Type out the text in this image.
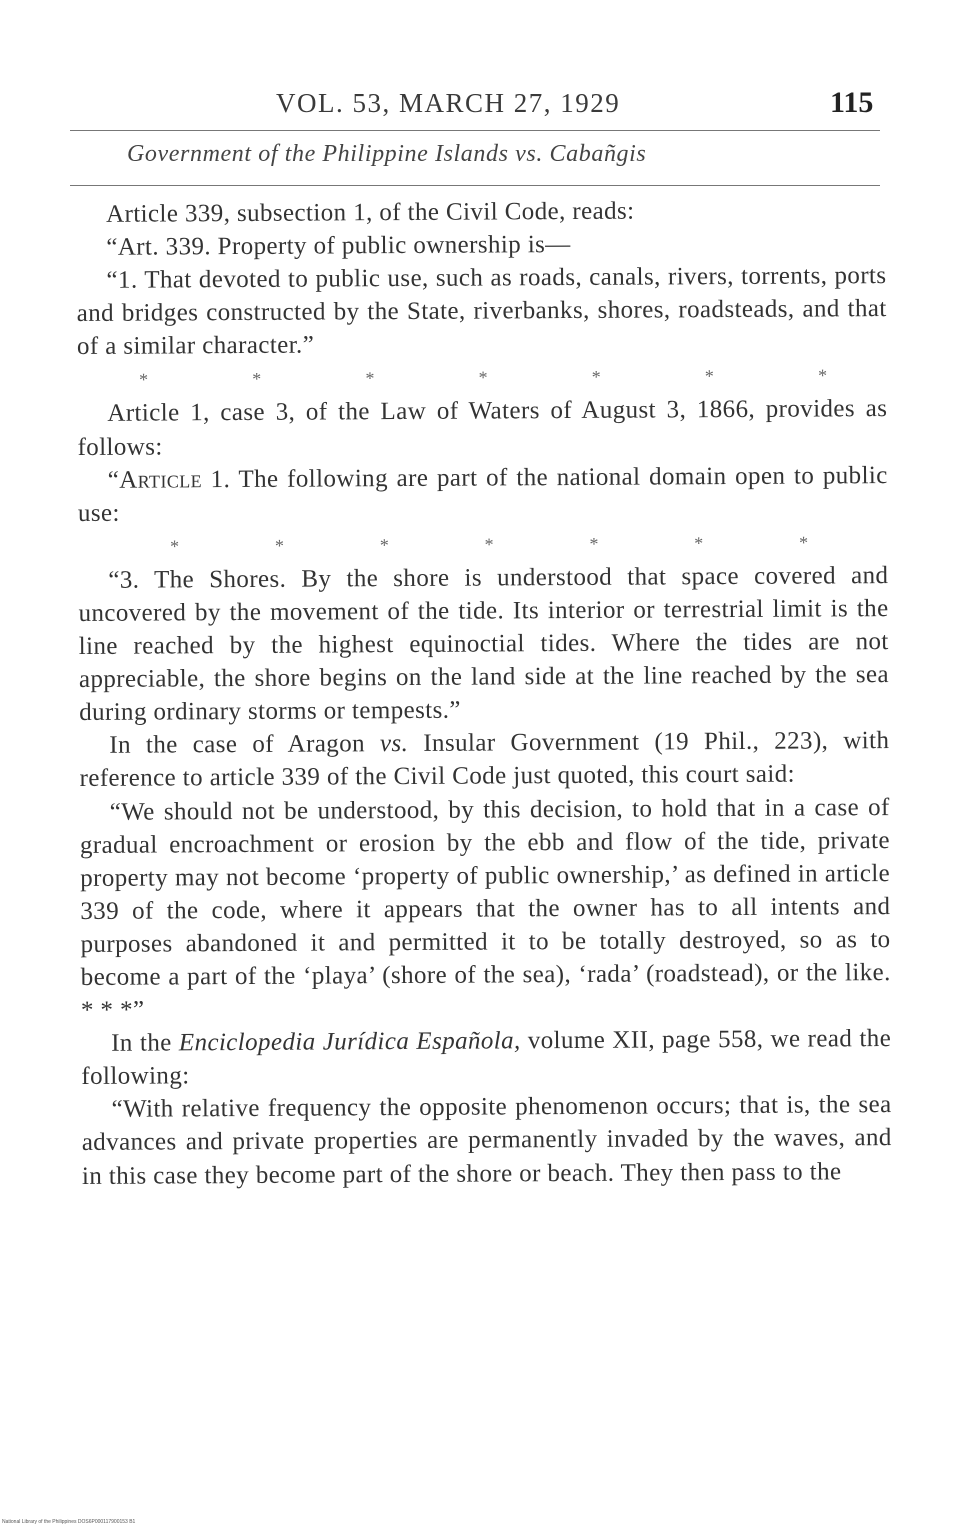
VOL. 53, MARCH 27, 1929	115
Government of the Philippine Islands vs. Cabañgis

Article 339, subsection 1, of the Civil Code, reads:

“Art. 339. Property of public ownership is—

“1. That devoted to public use, such as roads, canals, rivers, torrents, ports and bridges constructed by the State, riverbanks, shores, roadsteads, and that of a similar character.”

*	*	*	*	*	*	*

Article 1, case 3, of the Law of Waters of August 3, 1866, provides as follows:

“Article 1. The following are part of the national domain open to public use:

*	*	*	*	*	*	*

“3. The Shores. By the shore is understood that space covered and uncovered by the movement of the tide. Its interior or terrestrial limit is the line reached by the highest equinoctial tides. Where the tides are not appreciable, the shore begins on the land side at the line reached by the sea during ordinary storms or tempests.”

In the case of Aragon vs. Insular Government (19 Phil., 223), with reference to article 339 of the Civil Code just quoted, this court said:

“We should not be understood, by this decision, to hold that in a case of gradual encroachment or erosion by the ebb and flow of the tide, private property may not become ‘property of public ownership,’ as defined in article 339 of the code, where it appears that the owner has to all intents and purposes abandoned it and permitted it to be totally destroyed, so as to become a part of the ‘playa’ (shore of the sea), ‘rada’ (roadstead), or the like. * * *”

In the Enciclopedia Jurídica Española, volume XII, page 558, we read the following:

“With relative frequency the opposite phenomenon occurs; that is, the sea advances and private properties are permanently invaded by the waves, and in this case they become part of the shore or beach. They then pass to the

National Library of the Philippines DOS6P000117900153 B1
